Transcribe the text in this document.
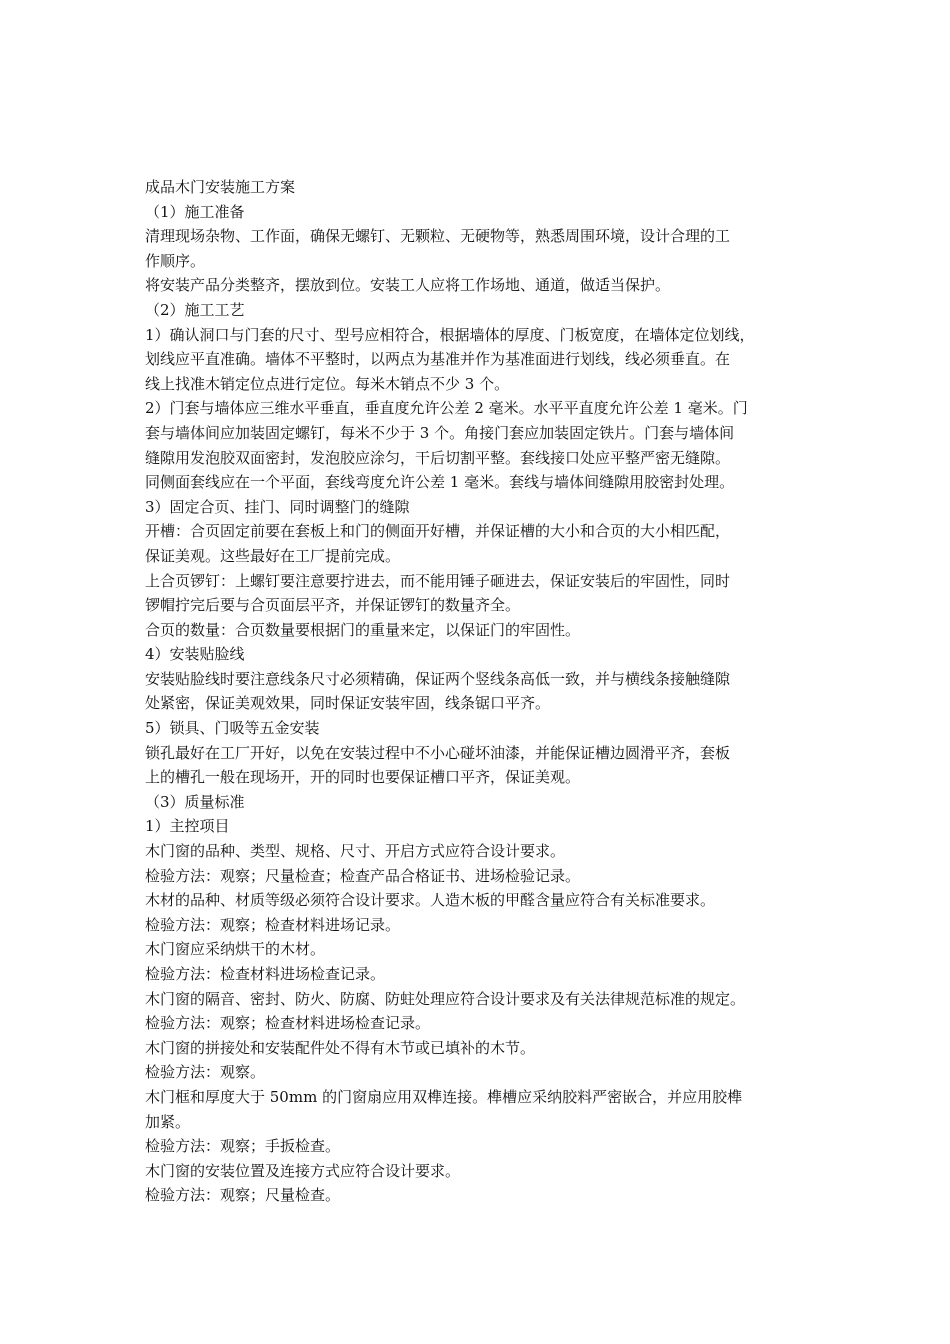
成品木门安装施工方案

（1）施工准备

清理现场杂物、工作面，确保无螺钉、无颗粒、无硬物等，熟悉周围环境，设计合理的工

作顺序。

将安装产品分类整齐，摆放到位。安装工人应将工作场地、通道，做适当保护。

（2）施工工艺

1）确认洞口与门套的尺寸、型号应相符合，根据墙体的厚度、门板宽度，在墙体定位划线，

划线应平直准确。墙体不平整时，以两点为基准并作为基准面进行划线，线必须垂直。在

线上找准木销定位点进行定位。每米木销点不少 3 个。

2）门套与墙体应三维水平垂直，垂直度允许公差 2 毫米。水平平直度允许公差 1 毫米。门

套与墙体间应加装固定螺钉，每米不少于 3 个。角接门套应加装固定铁片。门套与墙体间

缝隙用发泡胶双面密封，发泡胶应涂匀，干后切割平整。套线接口处应平整严密无缝隙。

同侧面套线应在一个平面，套线弯度允许公差 1 毫米。套线与墙体间缝隙用胶密封处理。

3）固定合页、挂门、同时调整门的缝隙

开槽：合页固定前要在套板上和门的侧面开好槽，并保证槽的大小和合页的大小相匹配，

保证美观。这些最好在工厂提前完成。

上合页锣钉：上螺钉要注意要拧进去，而不能用锤子砸进去，保证安装后的牢固性，同时

锣帽拧完后要与合页面层平齐，并保证锣钉的数量齐全。

合页的数量：合页数量要根据门的重量来定，以保证门的牢固性。

4）安装贴脸线

安装贴脸线时要注意线条尺寸必须精确，保证两个竖线条高低一致，并与横线条接触缝隙

处紧密，保证美观效果，同时保证安装牢固，线条锯口平齐。

5）锁具、门吸等五金安装

锁孔最好在工厂开好，以免在安装过程中不小心碰坏油漆，并能保证槽边圆滑平齐，套板

上的槽孔一般在现场开，开的同时也要保证槽口平齐，保证美观。

（3）质量标准

1）主控项目

木门窗的品种、类型、规格、尺寸、开启方式应符合设计要求。

检验方法：观察；尺量检查；检查产品合格证书、进场检验记录。

木材的品种、材质等级必须符合设计要求。人造木板的甲醛含量应符合有关标准要求。

检验方法：观察；检查材料进场记录。

木门窗应采纳烘干的木材。

检验方法：检查材料进场检查记录。

木门窗的隔音、密封、防火、防腐、防蛀处理应符合设计要求及有关法律规范标准的规定。

检验方法：观察；检查材料进场检查记录。

木门窗的拼接处和安装配件处不得有木节或已填补的木节。

检验方法：观察。

木门框和厚度大于 50mm 的门窗扇应用双榫连接。榫槽应采纳胶料严密嵌合，并应用胶榫

加紧。

检验方法：观察；手扳检查。

木门窗的安装位置及连接方式应符合设计要求。

检验方法：观察；尺量检查。
